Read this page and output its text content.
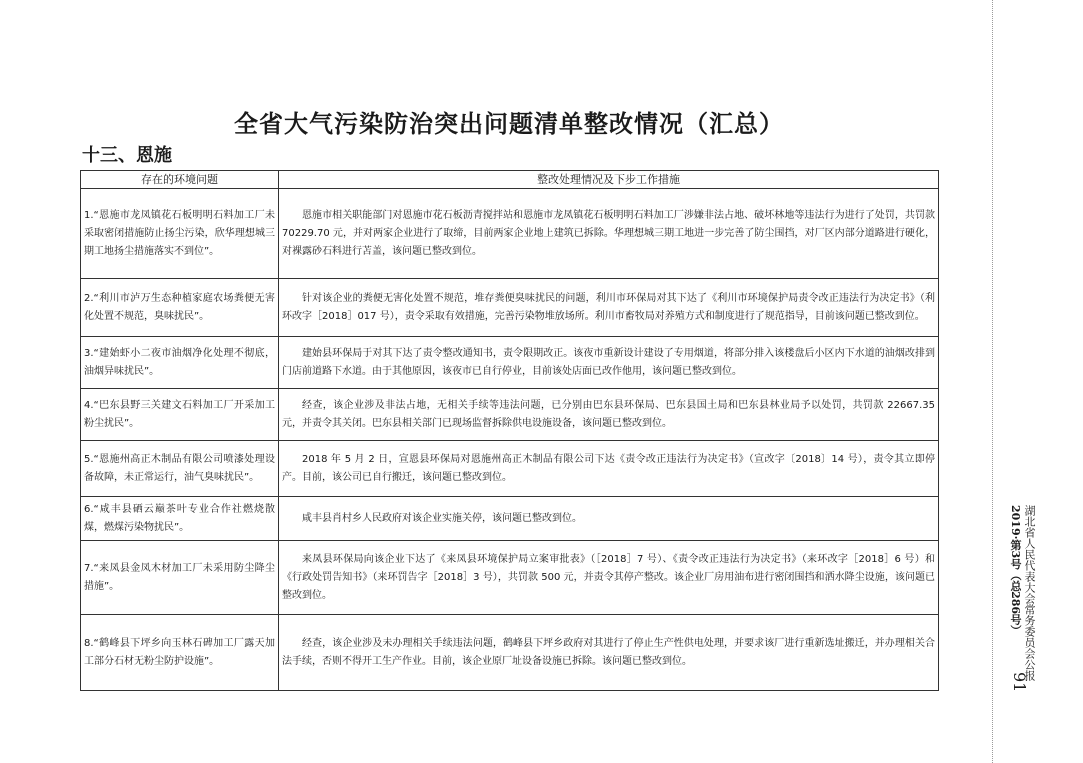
全省大气污染防治突出问题清单整改情况（汇总）
十三、恩施
存在的环境问题	整改处理情况及下步工作措施
1.“恩施市龙凤镇花石板明明石料加工厂未采取密闭措施防止扬尘污染，欣华理想城三期工地扬尘措施落实不到位”。	恩施市相关职能部门对恩施市花石板沥青搅拌站和恩施市龙凤镇花石板明明石料加工厂涉嫌非法占地、破坏林地等违法行为进行了处罚，共罚款 70229.70 元，并对两家企业进行了取缔，目前两家企业地上建筑已拆除。华理想城三期工地进一步完善了防尘围挡，对厂区内部分道路进行硬化，对裸露砂石料进行苫盖，该问题已整改到位。
2.“利川市泸万生态种植家庭农场粪便无害化处置不规范，臭味扰民”。	针对该企业的粪便无害化处置不规范，堆存粪便臭味扰民的问题，利川市环保局对其下达了《利川市环境保护局责令改正违法行为决定书》（利环改字［2018］017 号），责令采取有效措施，完善污染物堆放场所。利川市畜牧局对养殖方式和制度进行了规范指导，目前该问题已整改到位。
3.“建始虾小二夜市油烟净化处理不彻底，油烟异味扰民”。	建始县环保局于对其下达了责令整改通知书，责令限期改正。该夜市重新设计建设了专用烟道，将部分排入该楼盘后小区内下水道的油烟改排到门店前道路下水道。由于其他原因，该夜市已自行停业，目前该处店面已改作他用，该问题已整改到位。
4.“巴东县野三关建文石料加工厂开采加工粉尘扰民”。	经查，该企业涉及非法占地，无相关手续等违法问题，已分别由巴东县环保局、巴东县国土局和巴东县林业局予以处罚，共罚款 22667.35 元，并责令其关闭。巴东县相关部门已现场监督拆除供电设施设备，该问题已整改到位。
5.“恩施州高正木制品有限公司喷漆处理设备故障，未正常运行，油气臭味扰民”。	2018 年 5 月 2 日，宣恩县环保局对恩施州高正木制品有限公司下达《责令改正违法行为决定书》（宣改字〔2018〕14 号），责令其立即停产。目前，该公司已自行搬迁，该问题已整改到位。
6.“咸丰县硒云巅茶叶专业合作社燃烧散煤，燃煤污染物扰民”。	咸丰县肖村乡人民政府对该企业实施关停，该问题已整改到位。
7.“来凤县金凤木材加工厂未采用防尘降尘措施”。	来凤县环保局向该企业下达了《来凤县环境保护局立案审批表》（［2018］7 号）、《责令改正违法行为决定书》（来环改字［2018］6 号）和《行政处罚告知书》（来环罚告字［2018］3 号），共罚款 500 元，并责令其停产整改。该企业厂房用油布进行密闭围挡和洒水降尘设施，该问题已整改到位。
8.“鹤峰县下坪乡向玉林石碑加工厂露天加工部分石材无粉尘防护设施”。	经查，该企业涉及未办理相关手续违法问题，鹤峰县下坪乡政府对其进行了停止生产性供电处理，并要求该厂进行重新选址搬迁，并办理相关合法手续，否则不得开工生产作业。目前，该企业原厂址设备设施已拆除。该问题已整改到位。	湖北省人民代表大会常务委员会公报
2019·第3号（总286号）
91
